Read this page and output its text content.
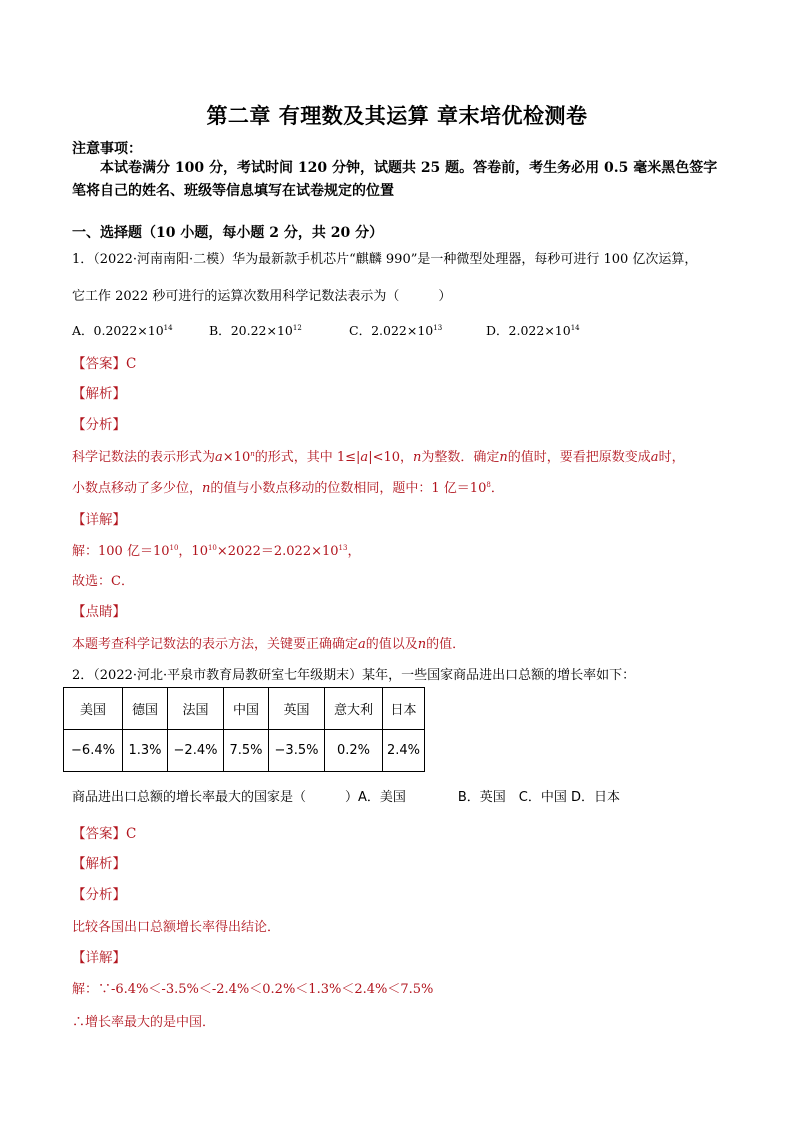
第二章 有理数及其运算 章末培优检测卷
注意事项：
本试卷满分 100 分，考试时间 120 分钟，试题共 25 题。答卷前，考生务必用 0.5 毫米黑色签字笔将自己的姓名、班级等信息填写在试卷规定的位置
一、选择题（10 小题，每小题 2 分，共 20 分）
1．（2022·河南南阳·二模）华为最新款手机芯片“麒麟 990”是一种微型处理器，每秒可进行 100 亿次运算，
它工作 2022 秒可进行的运算次数用科学记数法表示为（　　　）
A．$0.2022\times 10^{14}$	B．$20.22\times 10^{12}$	C．$2.022\times 10^{13}$	D．$2.022\times 10^{14}$
【答案】C
【解析】
【分析】
科学记数法的表示形式为$a\times 10^n$的形式，其中 1≤|a|<10，n为整数．确定n的值时，要看把原数变成a时，
小数点移动了多少位，n的值与小数点移动的位数相同，题中：1 亿$=10^8$．
【详解】
解：100 亿$=10^{10}$，$10^{10}\times 2022=2.022\times 10^{13}$，
故选：C．
【点睛】
本题考查科学记数法的表示方法，关键要正确确定a的值以及n的值．
2．（2022·河北·平泉市教育局教研室七年级期末）某年，一些国家商品进出口总额的增长率如下：
美国	德国	法国	中国	英国	意大利	日本
−6.4%	1.3%	−2.4%	7.5%	−3.5%	0.2%	2.4%
商品进出口总额的增长率最大的国家是（　　　）A．美国　　　　B．英国　C．中国 D．日本
【答案】C
【解析】
【分析】
比较各国出口总额增长率得出结论．
【详解】
解：∵-6.4%＜-3.5%＜-2.4%＜0.2%＜1.3%＜2.4%＜7.5%
∴增长率最大的是中国．
